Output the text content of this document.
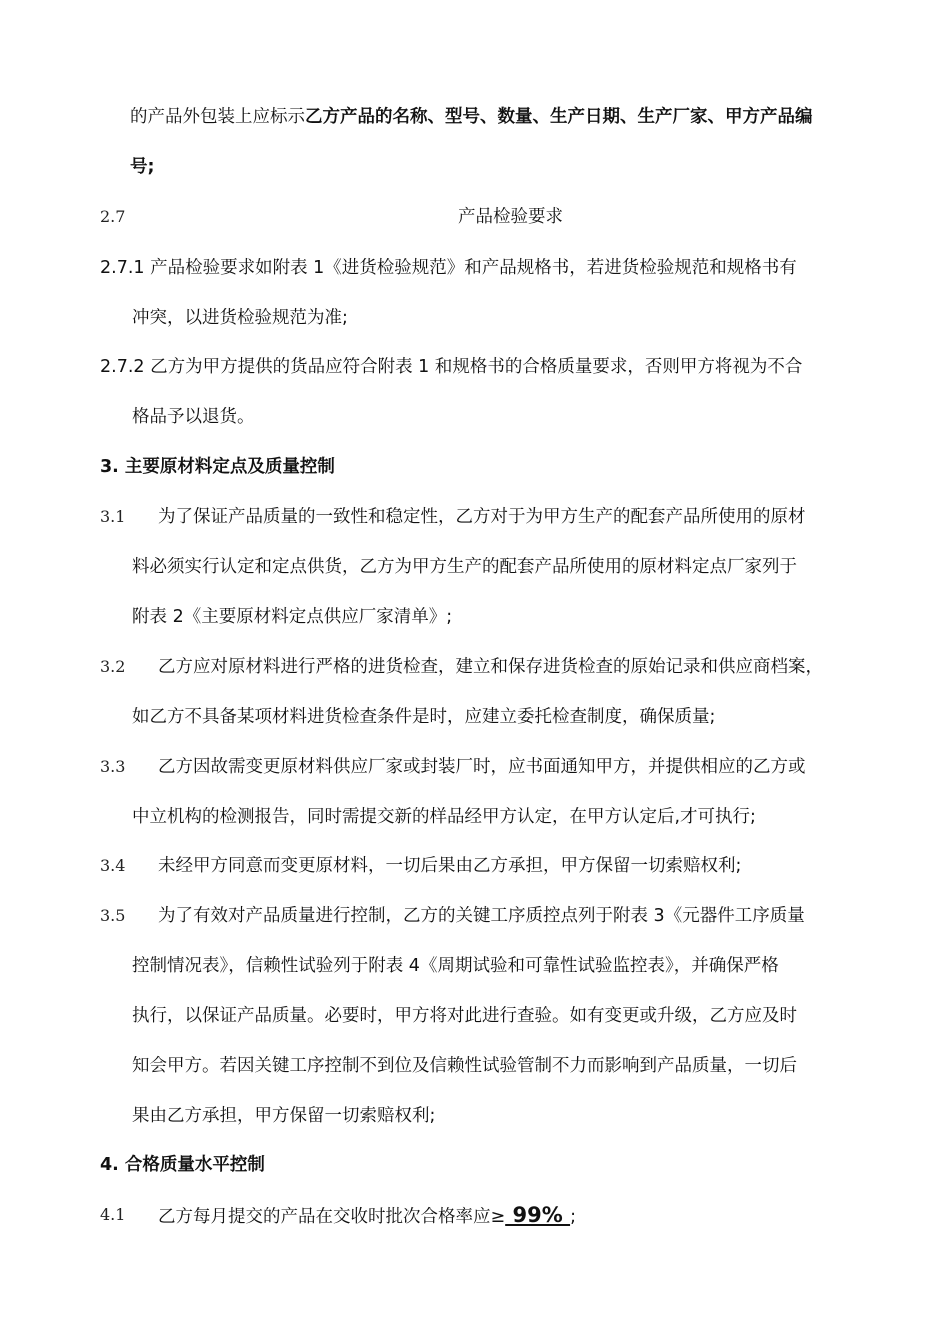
的产品外包装上应标示乙方产品的名称、型号、数量、生产日期、生产厂家、甲方产品编
号;
2.7	产品检验要求
2.7.1 产品检验要求如附表 1《进货检验规范》和产品规格书，若进货检验规范和规格书有
冲突，以进货检验规范为准;
2.7.2 乙方为甲方提供的货品应符合附表 1 和规格书的合格质量要求，否则甲方将视为不合
格品予以退货。
3. 主要原材料定点及质量控制
3.1 为了保证产品质量的一致性和稳定性，乙方对于为甲方生产的配套产品所使用的原材
料必须实行认定和定点供货，乙方为甲方生产的配套产品所使用的原材料定点厂家列于
附表 2《主要原材料定点供应厂家清单》;
3.2 乙方应对原材料进行严格的进货检查，建立和保存进货检查的原始记录和供应商档案，
如乙方不具备某项材料进货检查条件是时，应建立委托检查制度，确保质量;
3.3 乙方因故需变更原材料供应厂家或封装厂时，应书面通知甲方，并提供相应的乙方或
中立机构的检测报告，同时需提交新的样品经甲方认定，在甲方认定后,才可执行;
3.4 未经甲方同意而变更原材料，一切后果由乙方承担，甲方保留一切索赔权利;
3.5 为了有效对产品质量进行控制，乙方的关键工序质控点列于附表 3《元器件工序质量
控制情况表》，信赖性试验列于附表 4《周期试验和可靠性试验监控表》，并确保严格
执行，以保证产品质量。必要时，甲方将对此进行查验。如有变更或升级，乙方应及时
知会甲方。若因关键工序控制不到位及信赖性试验管制不力而影响到产品质量，一切后
果由乙方承担，甲方保留一切索赔权利;
4. 合格质量水平控制
4.1 乙方每月提交的产品在交收时批次合格率应≥ 99% ;
